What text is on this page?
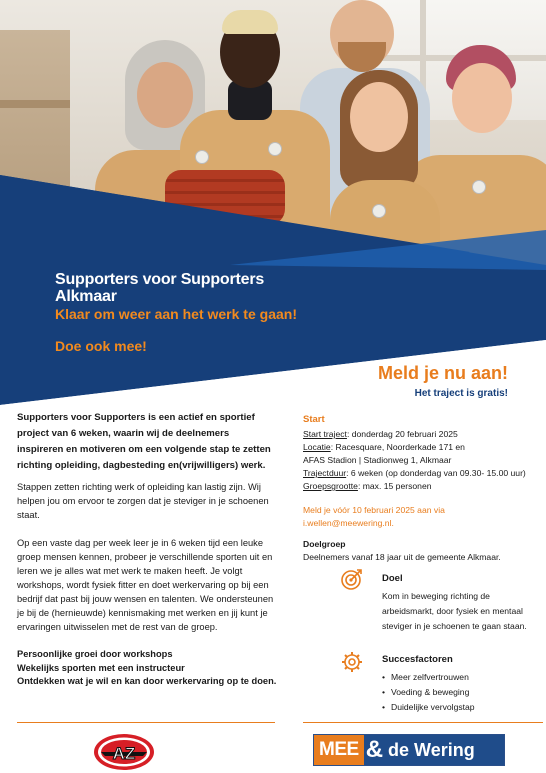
Supporters voor Supporters
Alkmaar
Klaar om weer aan het werk te gaan!
Doe ook mee!
Meld je nu aan!
Het traject is gratis!

Supporters voor Supporters is een actief en sportief project van 6 weken, waarin wij de deelnemers inspireren en motiveren om een volgende stap te zetten richting opleiding, dagbesteding en(vrijwilligers) werk.

Stappen zetten richting werk of opleiding kan lastig zijn. Wij helpen jou om ervoor te zorgen dat je steviger in je schoenen staat.

Op een vaste dag per week leer je in 6 weken tijd een leuke groep mensen kennen, probeer je verschillende sporten uit en leren we je alles wat met werk te maken heeft. Je volgt workshops, wordt fysiek fitter en doet werkervaring op bij een bedrijf dat past bij jouw wensen en talenten. We ondersteunen je bij de (hernieuwde) kennismaking met werken en jij kunt je ervaringen uitwisselen met de rest van de groep.

Persoonlijke groei door workshops
Wekelijks sporten met een instructeur
Ontdekken wat je wil en kan door werkervaring op te doen.
Start
Start traject: donderdag 20 februari 2025
Locatie: Racesquare, Noorderkade 171 en
AFAS Stadion | Stadionweg 1, Alkmaar
Trajectduur: 6 weken (op donderdag van 09.30- 15.00 uur)
Groepsgrootte: max. 15 personen
Meld je vóór 10 februari 2025 aan via
i.wellen@meewering.nl.
Doelgroep
Deelnemers vanaf 18 jaar uit de gemeente Alkmaar.
Doel
Kom in beweging richting de arbeidsmarkt, door fysiek en mentaal steviger in je schoenen te gaan staan.
Succesfactoren
• Meer zelfvertrouwen
• Voeding & beweging
• Duidelijke vervolgstap
AZ	MEE & de Wering
